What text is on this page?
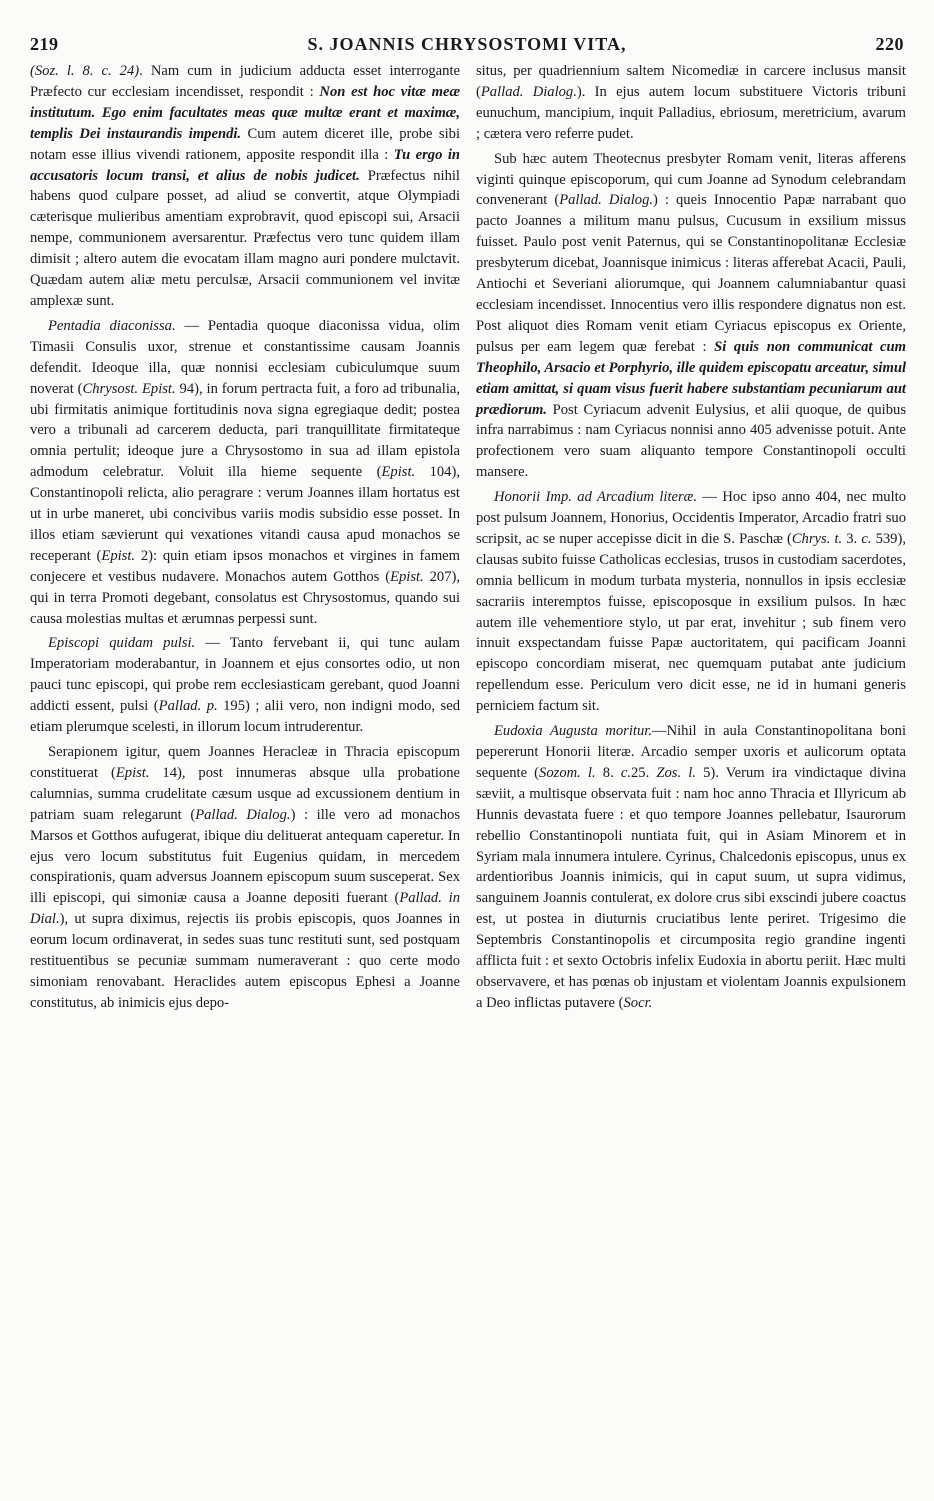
219	S. JOANNIS CHRYSOSTOMI VITA,	220

(Soz. l. 8. c. 24). Nam cum in judicium adducta esset interrogante Præfecto cur ecclesiam incendisset, respondit : Non est hoc vitæ meæ institutum. Ego enim facultates meas quæ multæ erant et maximæ, templis Dei instaurandis impendi. Cum autem diceret ille, probe sibi notam esse illius vivendi rationem, apposite respondit illa : Tu ergo in accusatoris locum transi, et alius de nobis judicet. Præfectus nihil habens quod culpare posset, ad aliud se convertit, atque Olympiadi cæterisque mulieribus amentiam exprobravit, quod episcopi sui, Arsacii nempe, communionem aversarentur. Præfectus vero tunc quidem illam dimisit ; altero autem die evocatam illam magno auri pondere mulctavit. Quædam autem aliæ metu perculsæ, Arsacii communionem vel invitæ amplexæ sunt.

Pentadia diaconissa. — Pentadia quoque diaconissa vidua, olim Timasii Consulis uxor, strenue et constantissime causam Joannis defendit. Ideoque illa, quæ nonnisi ecclesiam cubiculumque suum noverat (Chrysost. Epist. 94), in forum pertracta fuit, a foro ad tribunalia, ubi firmitatis animique fortitudinis nova signa egregiaque dedit; postea vero a tribunali ad carcerem deducta, pari tranquillitate firmitateque omnia pertulit; ideoque jure a Chrysostomo in sua ad illam epistola admodum celebratur. Voluit illa hieme sequente (Epist. 104), Constantinopoli relicta, alio peragrare : verum Joannes illam hortatus est ut in urbe maneret, ubi concivibus variis modis subsidio esse posset. In illos etiam sævierunt qui vexationes vitandi causa apud monachos se receperant (Epist. 2): quin etiam ipsos monachos et virgines in famem conjecere et vestibus nudavere. Monachos autem Gotthos (Epist. 207), qui in terra Promoti degebant, consolatus est Chrysostomus, quando sui causa molestias multas et ærumnas perpessi sunt.

Episcopi quidam pulsi. — Tanto fervebant ii, qui tunc aulam Imperatoriam moderabantur, in Joannem et ejus consortes odio, ut non pauci tunc episcopi, qui probe rem ecclesiasticam gerebant, quod Joanni addicti essent, pulsi (Pallad. p. 195) ; alii vero, non indigni modo, sed etiam plerumque scelesti, in illorum locum intruderentur.

Serapionem igitur, quem Joannes Heracleæ in Thracia episcopum constituerat (Epist. 14), post innumeras absque ulla probatione calumnias, summa crudelitate cæsum usque ad excussionem dentium in patriam suam relegarunt (Pallad. Dialog.) : ille vero ad monachos Marsos et Gotthos aufugerat, ibique diu delituerat antequam caperetur. In ejus vero locum substitutus fuit Eugenius quidam, in mercedem conspirationis, quam adversus Joannem episcopum suum susceperat. Sex illi episcopi, qui simoniæ causa a Joanne depositi fuerant (Pallad. in Dial.), ut supra diximus, rejectis iis probis episcopis, quos Joannes in eorum locum ordinaverat, in sedes suas tunc restituti sunt, sed postquam restituentibus se pecuniæ summam numeraverant : quo certe modo simoniam renovabant. Heraclides autem episcopus Ephesi a Joanne constitutus, ab inimicis ejus depo-

situs, per quadriennium saltem Nicomediæ in carcere inclusus mansit (Pallad. Dialog.). In ejus autem locum substituere Victoris tribuni eunuchum, mancipium, inquit Palladius, ebriosum, meretricium, avarum ; cætera vero referre pudet.

Sub hæc autem Theotecnus presbyter Romam venit, literas afferens viginti quinque episcoporum, qui cum Joanne ad Synodum celebrandam convenerant (Pallad. Dialog.) : queis Innocentio Papæ narrabant quo pacto Joannes a militum manu pulsus, Cucusum in exsilium missus fuisset. Paulo post venit Paternus, qui se Constantinopolitanæ Ecclesiæ presbyterum dicebat, Joannisque inimicus : literas afferebat Acacii, Pauli, Antiochi et Severiani aliorumque, qui Joannem calumniabantur quasi ecclesiam incendisset. Innocentius vero illis respondere dignatus non est. Post aliquot dies Romam venit etiam Cyriacus episcopus ex Oriente, pulsus per eam legem quæ ferebat : Si quis non communicat cum Theophilo, Arsacio et Porphyrio, ille quidem episcopatu arceatur, simul etiam amittat, si quam visus fuerit habere substantiam pecuniarum aut prædiorum. Post Cyriacum advenit Eulysius, et alii quoque, de quibus infra narrabimus : nam Cyriacus nonnisi anno 405 advenisse potuit. Ante profectionem vero suam aliquanto tempore Constantinopoli occulti mansere.

Honorii Imp. ad Arcadium literæ. — Hoc ipso anno 404, nec multo post pulsum Joannem, Honorius, Occidentis Imperator, Arcadio fratri suo scripsit, ac se nuper accepisse dicit in die S. Paschæ (Chrys. t. 3. c. 539), clausas subito fuisse Catholicas ecclesias, trusos in custodiam sacerdotes, omnia bellicum in modum turbata mysteria, nonnullos in ipsis ecclesiæ sacrariis interemptos fuisse, episcoposque in exsilium pulsos. In hæc autem ille vehementiore stylo, ut par erat, invehitur ; sub finem vero innuit exspectandam fuisse Papæ auctoritatem, qui pacificam Joanni episcopo concordiam miserat, nec quemquam putabat ante judicium repellendum esse. Periculum vero dicit esse, ne id in humani generis perniciem factum sit.

Eudoxia Augusta moritur.—Nihil in aula Constantinopolitana boni pepererunt Honorii literæ. Arcadio semper uxoris et aulicorum optata sequente (Sozom. l. 8. c.25. Zos. l. 5). Verum ira vindictaque divina sæviit, a multisque observata fuit : nam hoc anno Thracia et Illyricum ab Hunnis devastata fuere : et quo tempore Joannes pellebatur, Isaurorum rebellio Constantinopoli nuntiata fuit, qui in Asiam Minorem et in Syriam mala innumera intulere. Cyrinus, Chalcedonis episcopus, unus ex ardentioribus Joannis inimicis, qui in caput suum, ut supra vidimus, sanguinem Joannis contulerat, ex dolore crus sibi exscindi jubere coactus est, ut postea in diuturnis cruciatibus lente periret. Trigesimo die Septembris Constantinopolis et circumposita regio grandine ingenti afflicta fuit : et sexto Octobris infelix Eudoxia in abortu periit. Hæc multi observavere, et has pœnas ob injustam et violentam Joannis expulsionem a Deo inflictas putavere (Socr.
